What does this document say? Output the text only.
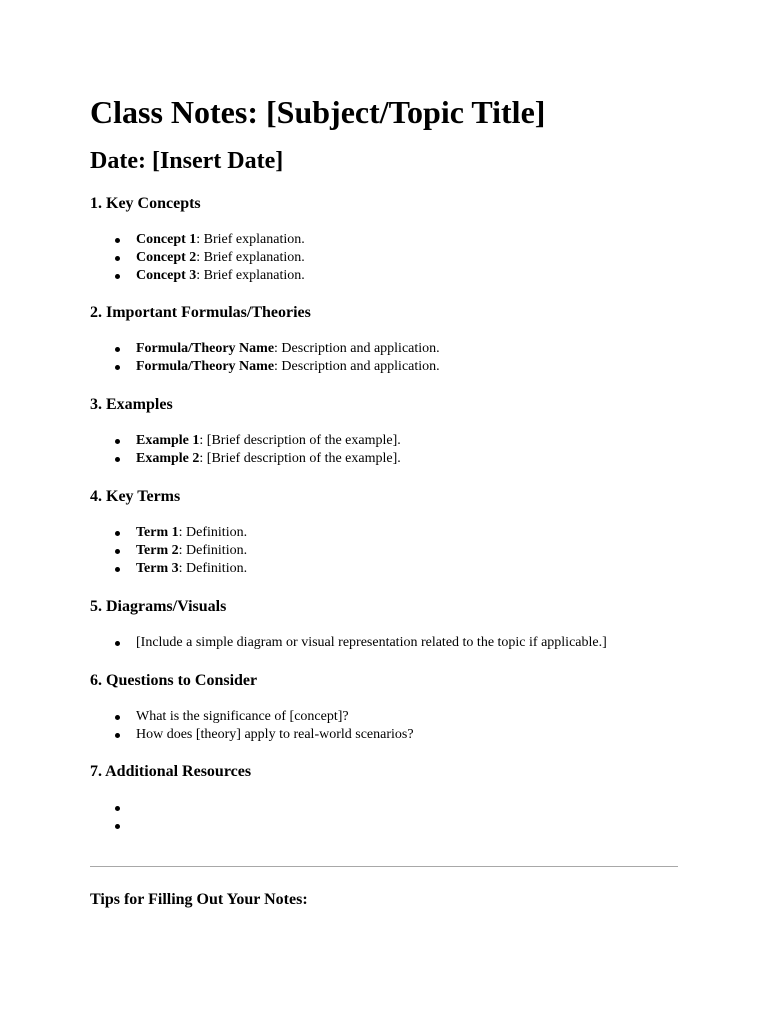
Class Notes: [Subject/Topic Title]
Date: [Insert Date]
1. Key Concepts
Concept 1: Brief explanation.
Concept 2: Brief explanation.
Concept 3: Brief explanation.
2. Important Formulas/Theories
Formula/Theory Name: Description and application.
Formula/Theory Name: Description and application.
3. Examples
Example 1: [Brief description of the example].
Example 2: [Brief description of the example].
4. Key Terms
Term 1: Definition.
Term 2: Definition.
Term 3: Definition.
5. Diagrams/Visuals
[Include a simple diagram or visual representation related to the topic if applicable.]
6. Questions to Consider
What is the significance of [concept]?
How does [theory] apply to real-world scenarios?
7. Additional Resources
Tips for Filling Out Your Notes:
